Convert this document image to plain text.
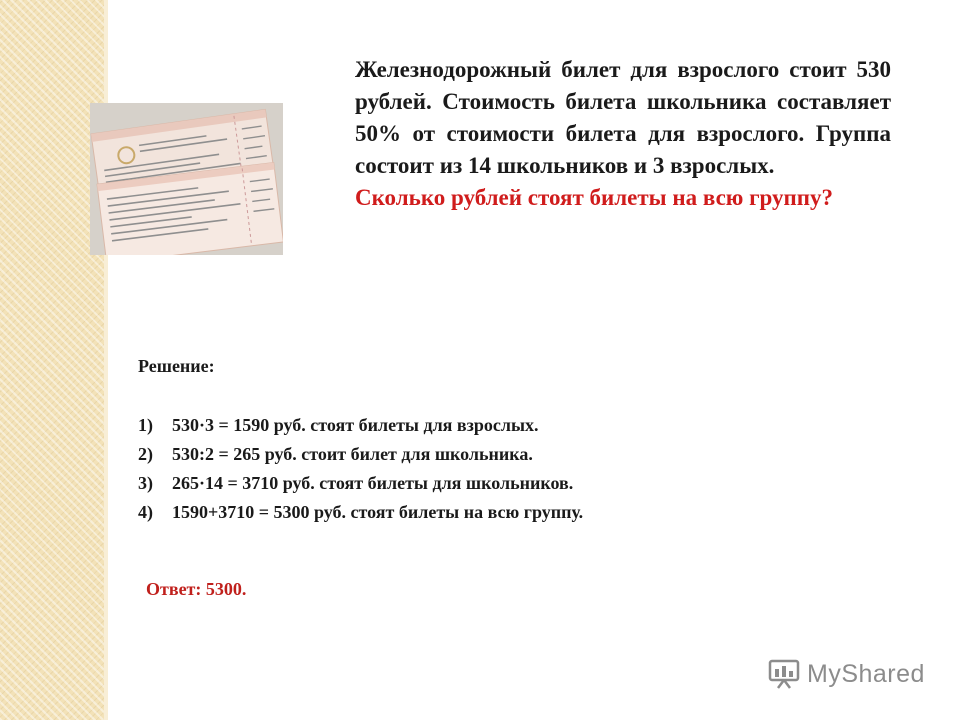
Железнодорожный билет для взрослого стоит 530 рублей. Стоимость билета школьника составляет 50% от стоимости билета для взрослого. Группа состоит из 14 школьников и 3 взрослых.
Сколько рублей стоят билеты на всю группу?
Решение:
1) 530·3 = 1590 руб. стоят билеты для взрослых.
2) 530:2 = 265 руб. стоит билет для школьника.
3) 265·14 = 3710 руб. стоят билеты для школьников.
4) 1590+3710 = 5300 руб. стоят билеты на всю группу.
Ответ: 5300.
MyShared
